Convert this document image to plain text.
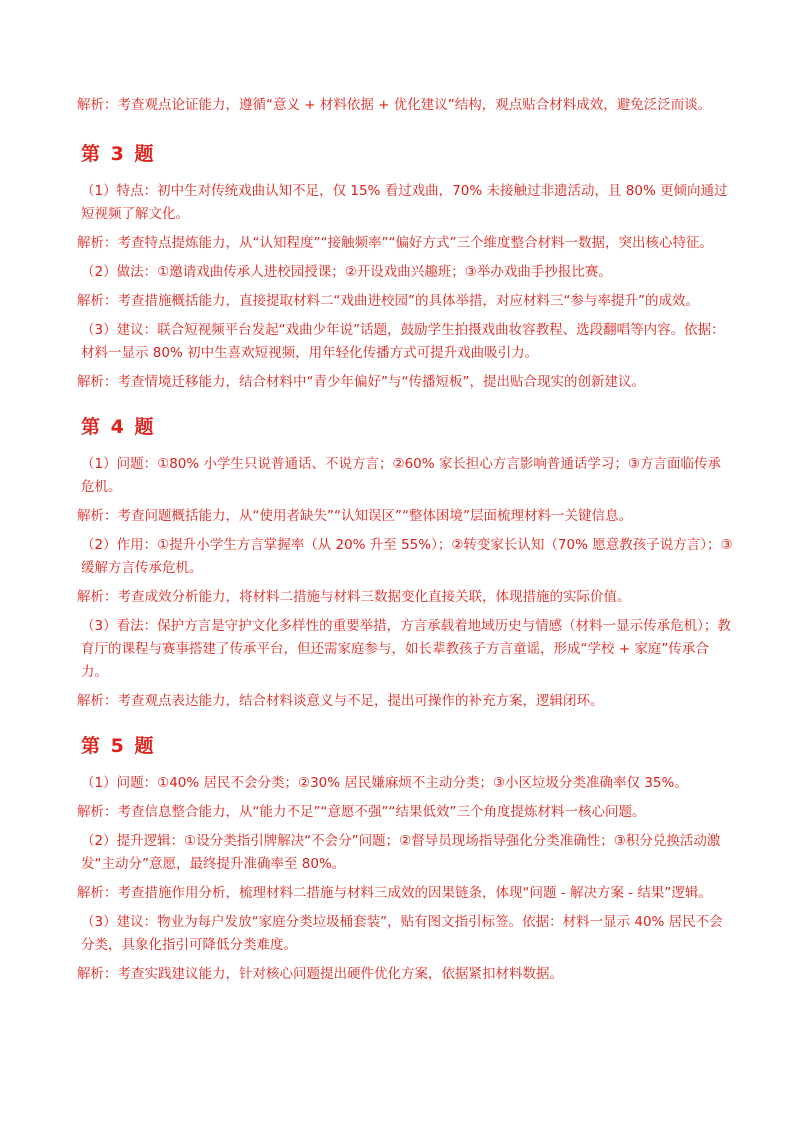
解析：考查观点论证能力，遵循“意义 + 材料依据 + 优化建议”结构，观点贴合材料成效，避免泛泛而谈。

第 3 题

（1）特点：初中生对传统戏曲认知不足，仅 15% 看过戏曲，70% 未接触过非遗活动，且 80% 更倾向通过短视频了解文化。

解析：考查特点提炼能力，从“认知程度”“接触频率”“偏好方式”三个维度整合材料一数据，突出核心特征。

（2）做法：①邀请戏曲传承人进校园授课；②开设戏曲兴趣班；③举办戏曲手抄报比赛。

解析：考查措施概括能力，直接提取材料二“戏曲进校园”的具体举措，对应材料三“参与率提升”的成效。

（3）建议：联合短视频平台发起“戏曲少年说”话题，鼓励学生拍摄戏曲妆容教程、选段翻唱等内容。依据：材料一显示 80% 初中生喜欢短视频，用年轻化传播方式可提升戏曲吸引力。

解析：考查情境迁移能力，结合材料中“青少年偏好”与“传播短板”，提出贴合现实的创新建议。

第 4 题

（1）问题：①80% 小学生只说普通话、不说方言；②60% 家长担心方言影响普通话学习；③方言面临传承危机。

解析：考查问题概括能力，从“使用者缺失”“认知误区”“整体困境”层面梳理材料一关键信息。

（2）作用：①提升小学生方言掌握率（从 20% 升至 55%）；②转变家长认知（70% 愿意教孩子说方言）；③缓解方言传承危机。

解析：考查成效分析能力，将材料二措施与材料三数据变化直接关联，体现措施的实际价值。

（3）看法：保护方言是守护文化多样性的重要举措，方言承载着地域历史与情感（材料一显示传承危机）；教育厅的课程与赛事搭建了传承平台，但还需家庭参与，如长辈教孩子方言童谣，形成“学校 + 家庭”传承合力。

解析：考查观点表达能力，结合材料谈意义与不足，提出可操作的补充方案，逻辑闭环。

第 5 题

（1）问题：①40% 居民不会分类；②30% 居民嫌麻烦不主动分类；③小区垃圾分类准确率仅 35%。

解析：考查信息整合能力，从“能力不足”“意愿不强”“结果低效”三个角度提炼材料一核心问题。

（2）提升逻辑：①设分类指引牌解决“不会分”问题；②督导员现场指导强化分类准确性；③积分兑换活动激发“主动分”意愿，最终提升准确率至 80%。

解析：考查措施作用分析，梳理材料二措施与材料三成效的因果链条，体现“问题 - 解决方案 - 结果”逻辑。

（3）建议：物业为每户发放“家庭分类垃圾桶套装”，贴有图文指引标签。依据：材料一显示 40% 居民不会分类，具象化指引可降低分类难度。

解析：考查实践建议能力，针对核心问题提出硬件优化方案，依据紧扣材料数据。
